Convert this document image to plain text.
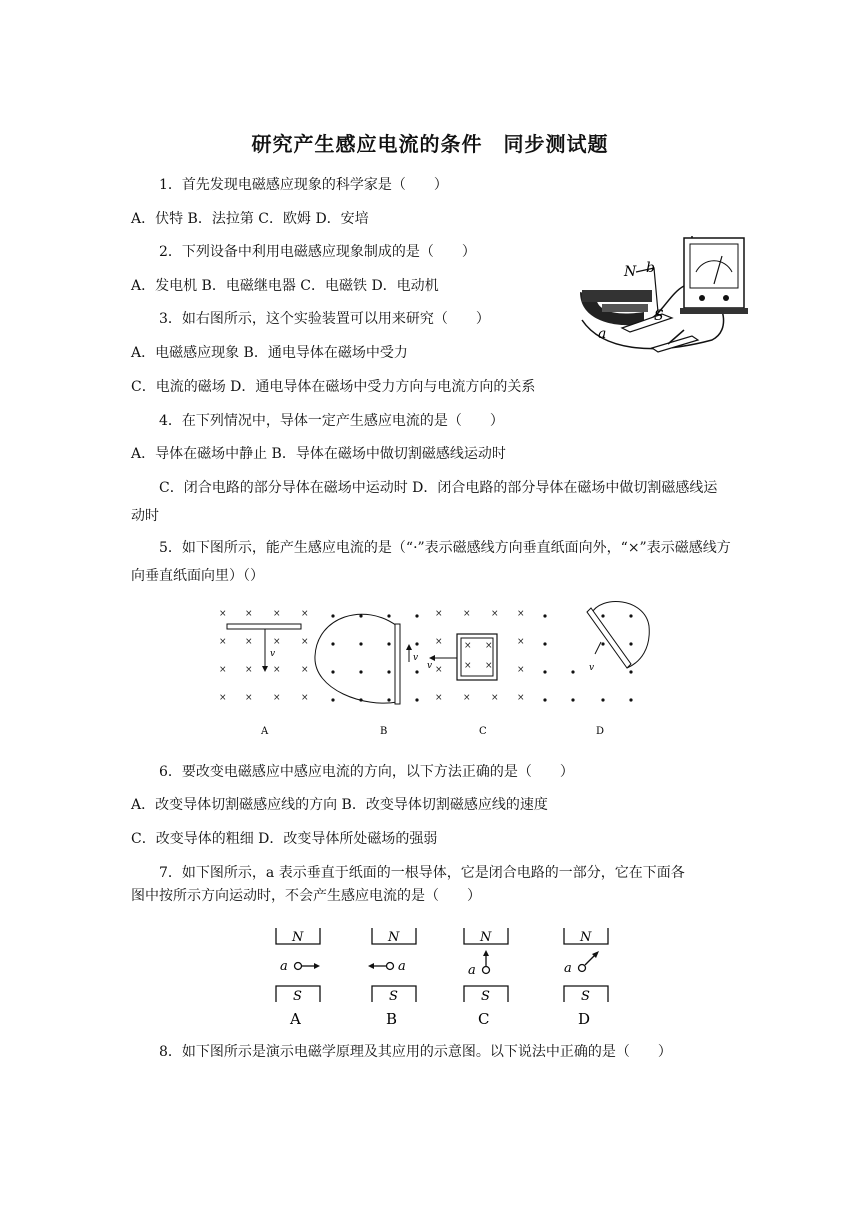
研究产生感应电流的条件　同步测试题
1．首先发现电磁感应现象的科学家是（　　）
A．伏特 B．法拉第 C．欧姆 D．安培
2．下列设备中利用电磁感应现象制成的是（　　）
A．发电机 B．电磁继电器 C．电磁铁 D．电动机
3．如右图所示，这个实验装置可以用来研究（　　）
A．电磁感应现象 B．通电导体在磁场中受力
C．电流的磁场 D．通电导体在磁场中受力方向与电流方向的关系
4．在下列情况中，导体一定产生感应电流的是（　　）
A．导体在磁场中静止 B．导体在磁场中做切割磁感线运动时
C．闭合电路的部分导体在磁场中运动时 D．闭合电路的部分导体在磁场中做切割磁感线运动时
5．如下图所示，能产生感应电流的是（“·”表示磁感线方向垂直纸面向外，“×”表示磁感线方向垂直纸面向里）（）
N b
S
a
× × × ×
× × × ×
× × × ×
× × × ×
v	v
× × × ×
×	×
×	×
× × × ×
× ×
× ×
v	v
A	B	C	D
6．要改变电磁感应中感应电流的方向，以下方法正确的是（　　）
A．改变导体切割磁感应线的方向 B．改变导体切割磁感应线的速度
C．改变导体的粗细 D．改变导体所处磁场的强弱
7．如下图所示，a 表示垂直于纸面的一根导体，它是闭合电路的一部分，它在下面各
图中按所示方向运动时，不会产生感应电流的是（　　）
N
S
a
N
S
a
N
S
a
N
S
a
A	B	C	D
8．如下图所示是演示电磁学原理及其应用的示意图。以下说法中正确的是（　　）
